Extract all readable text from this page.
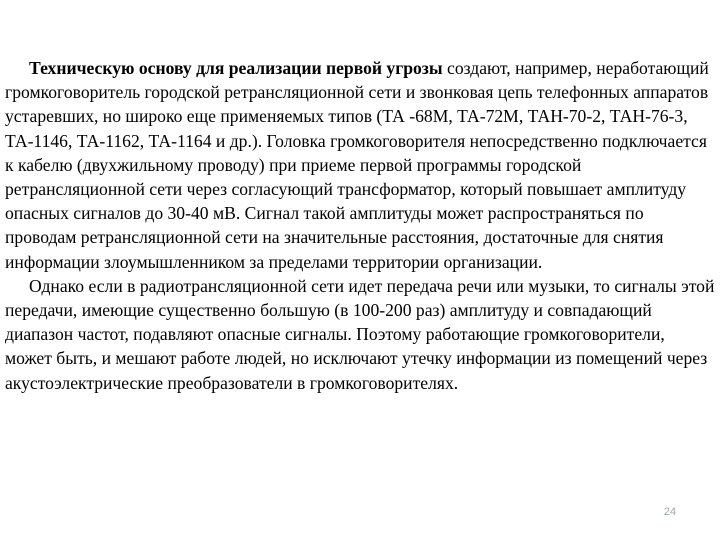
Техническую основу для реализации первой угрозы создают, например, неработающий громкоговоритель городской ретрансляционной сети и звонковая цепь телефонных аппаратов устаревших, но широко еще применяемых типов (ТА -68М, ТА-72М, ТАН-70-2, ТАН-76-3, ТА-1146, ТА-1162, ТА-1164 и др.). Головка громкоговорителя непосредственно подключается к кабелю (двухжильному проводу) при приеме первой программы городской ретрансляционной сети через согласующий трансформатор, который повышает амплитуду опасных сигналов до 30-40 мВ. Сигнал такой амплитуды может распространяться по проводам ретрансляционной сети на значительные расстояния, достаточные для снятия информации злоумышленником за пределами территории организации.

Однако если в радиотрансляционной сети идет передача речи или музыки, то сигналы этой передачи, имеющие существенно большую (в 100-200 раз) амплитуду и совпадающий диапазон частот, подавляют опасные сигналы. Поэтому работающие громкоговорители, может быть, и мешают работе людей, но исключают утечку информации из помещений через акустоэлектрические преобразователи в громкоговорителях.

24
